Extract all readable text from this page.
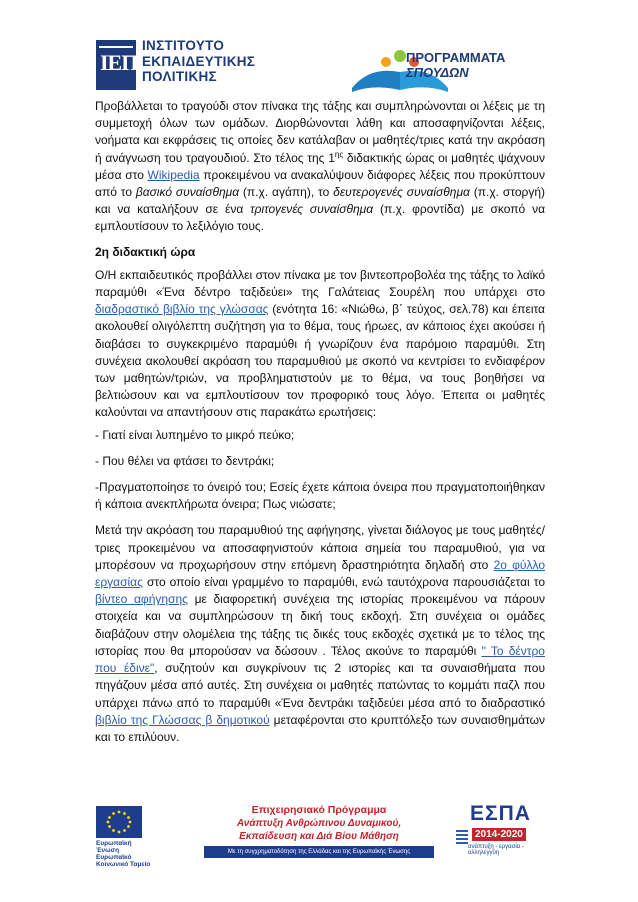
ΙΕΠ
ΙΝΣΤΙΤΟΥΤΟ
ΕΚΠΑΙΔΕΥΤΙΚΗΣ
ΠΟΛΙΤΙΚΗΣ
ΠΡΟΓΡΑΜΜΑΤΑ
ΣΠΟΥΔΩΝ

Προβάλλεται το τραγούδι στον πίνακα της τάξης και συμπληρώνονται οι λέξεις με τη συμμετοχή όλων των ομάδων. Διορθώνονται λάθη και αποσαφηνίζονται λέξεις, νοήματα και εκφράσεις τις οποίες δεν κατάλαβαν οι μαθητές/τριες κατά την ακρόαση ή ανάγνωση του τραγουδιού. Στο τέλος της $1^{\eta\varsigma}$ διδακτικής ώρας οι μαθητές ψάχνουν μέσα στο Wikipedia προκειμένου να ανακαλύψουν διάφορες λέξεις που προκύπτουν από το βασικό συναίσθημα (π.χ. αγάπη), το δευτερογενές συναίσθημα (π.χ. στοργή) και να καταλήξουν σε ένα τριτογενές συναίσθημα (π.χ. φροντίδα) με σκοπό να εμπλουτίσουν το λεξιλόγιο τους.

2η διδακτική ώρα

Ο/Η εκπαιδευτικός προβάλλει στον πίνακα με τον βιντεοπροβολέα της τάξης το λαϊκό παραμύθι «Ένα δέντρο ταξιδεύει» της Γαλάτειας Σουρέλη που υπάρχει στο διαδραστικό βιβλίο της γλώσσας (ενότητα 16: «Νιώθω, β΄ τεύχος, σελ.78) και έπειτα ακολουθεί ολιγόλεπτη συζήτηση για το θέμα, τους ήρωες, αν κάποιος έχει ακούσει ή διαβάσει το συγκεκριμένο παραμύθι ή γνωρίζουν ένα παρόμοιο παραμύθι. Στη συνέχεια ακολουθεί ακρόαση του παραμυθιού με σκοπό να κεντρίσει το ενδιαφέρον των μαθητών/τριών, να προβληματιστούν με το θέμα, να τους βοηθήσει να βελτιώσουν και να εμπλουτίσουν τον προφορικό τους λόγο. Έπειτα οι μαθητές καλούνται να απαντήσουν στις παρακάτω ερωτήσεις:

- Γιατί είναι λυπημένο το μικρό πεύκο;
- Που θέλει να φτάσει το δεντράκι;
-Πραγματοποίησε το όνειρό του; Εσείς έχετε κάποια όνειρα που πραγματοποιήθηκαν ή κάποια ανεκπλήρωτα όνειρα; Πως νιώσατε;

Μετά την ακρόαση του παραμυθιού της αφήγησης, γίνεται διάλογος με τους μαθητές/τριες προκειμένου να αποσαφηνιστούν κάποια σημεία του παραμυθιού, για να μπορέσουν να προχωρήσουν στην επόμενη δραστηριότητα δηλαδή στο 2ο φύλλο εργασίας στο οποίο είναι γραμμένο το παραμύθι, ενώ ταυτόχρονα παρουσιάζεται το βίντεο αφήγησης με διαφορετική συνέχεια της ιστορίας προκειμένου να πάρουν στοιχεία και να συμπληρώσουν τη δική τους εκδοχή. Στη συνέχεια οι ομάδες διαβάζουν στην ολομέλεια της τάξης τις δικές τους εκδοχές σχετικά με το τέλος της ιστορίας που θα μπορούσαν να δώσουν . Τέλος ακούνε το παραμύθι " Το δέντρο που έδινε", συζητούν και συγκρίνουν τις 2 ιστορίες και τα συναισθήματα που πηγάζουν μέσα από αυτές. Στη συνέχεια οι μαθητές πατώντας το κομμάτι παζλ που υπάρχει πάνω από το παραμύθι «Ένα δεντράκι ταξιδεύει μέσα από το διαδραστικό βιβλίο της Γλώσσας β δημοτικού μεταφέρονται στο κρυπτόλεξο των συναισθημάτων και το επιλύουν.

Ευρωπαϊκή Ένωση
Ευρωπαϊκό Κοινωνικό Ταμείο
Επιχειρησιακό Πρόγραμμα
Ανάπτυξη Ανθρώπινου Δυναμικού,
Εκπαίδευση και Διά Βίου Μάθηση
Με τη συγχρηματοδότηση της Ελλάδας και της Ευρωπαϊκής Ένωσης
ΕΣΠΑ
2014-2020
ανάπτυξη - εργασία - αλληλεγγύη
